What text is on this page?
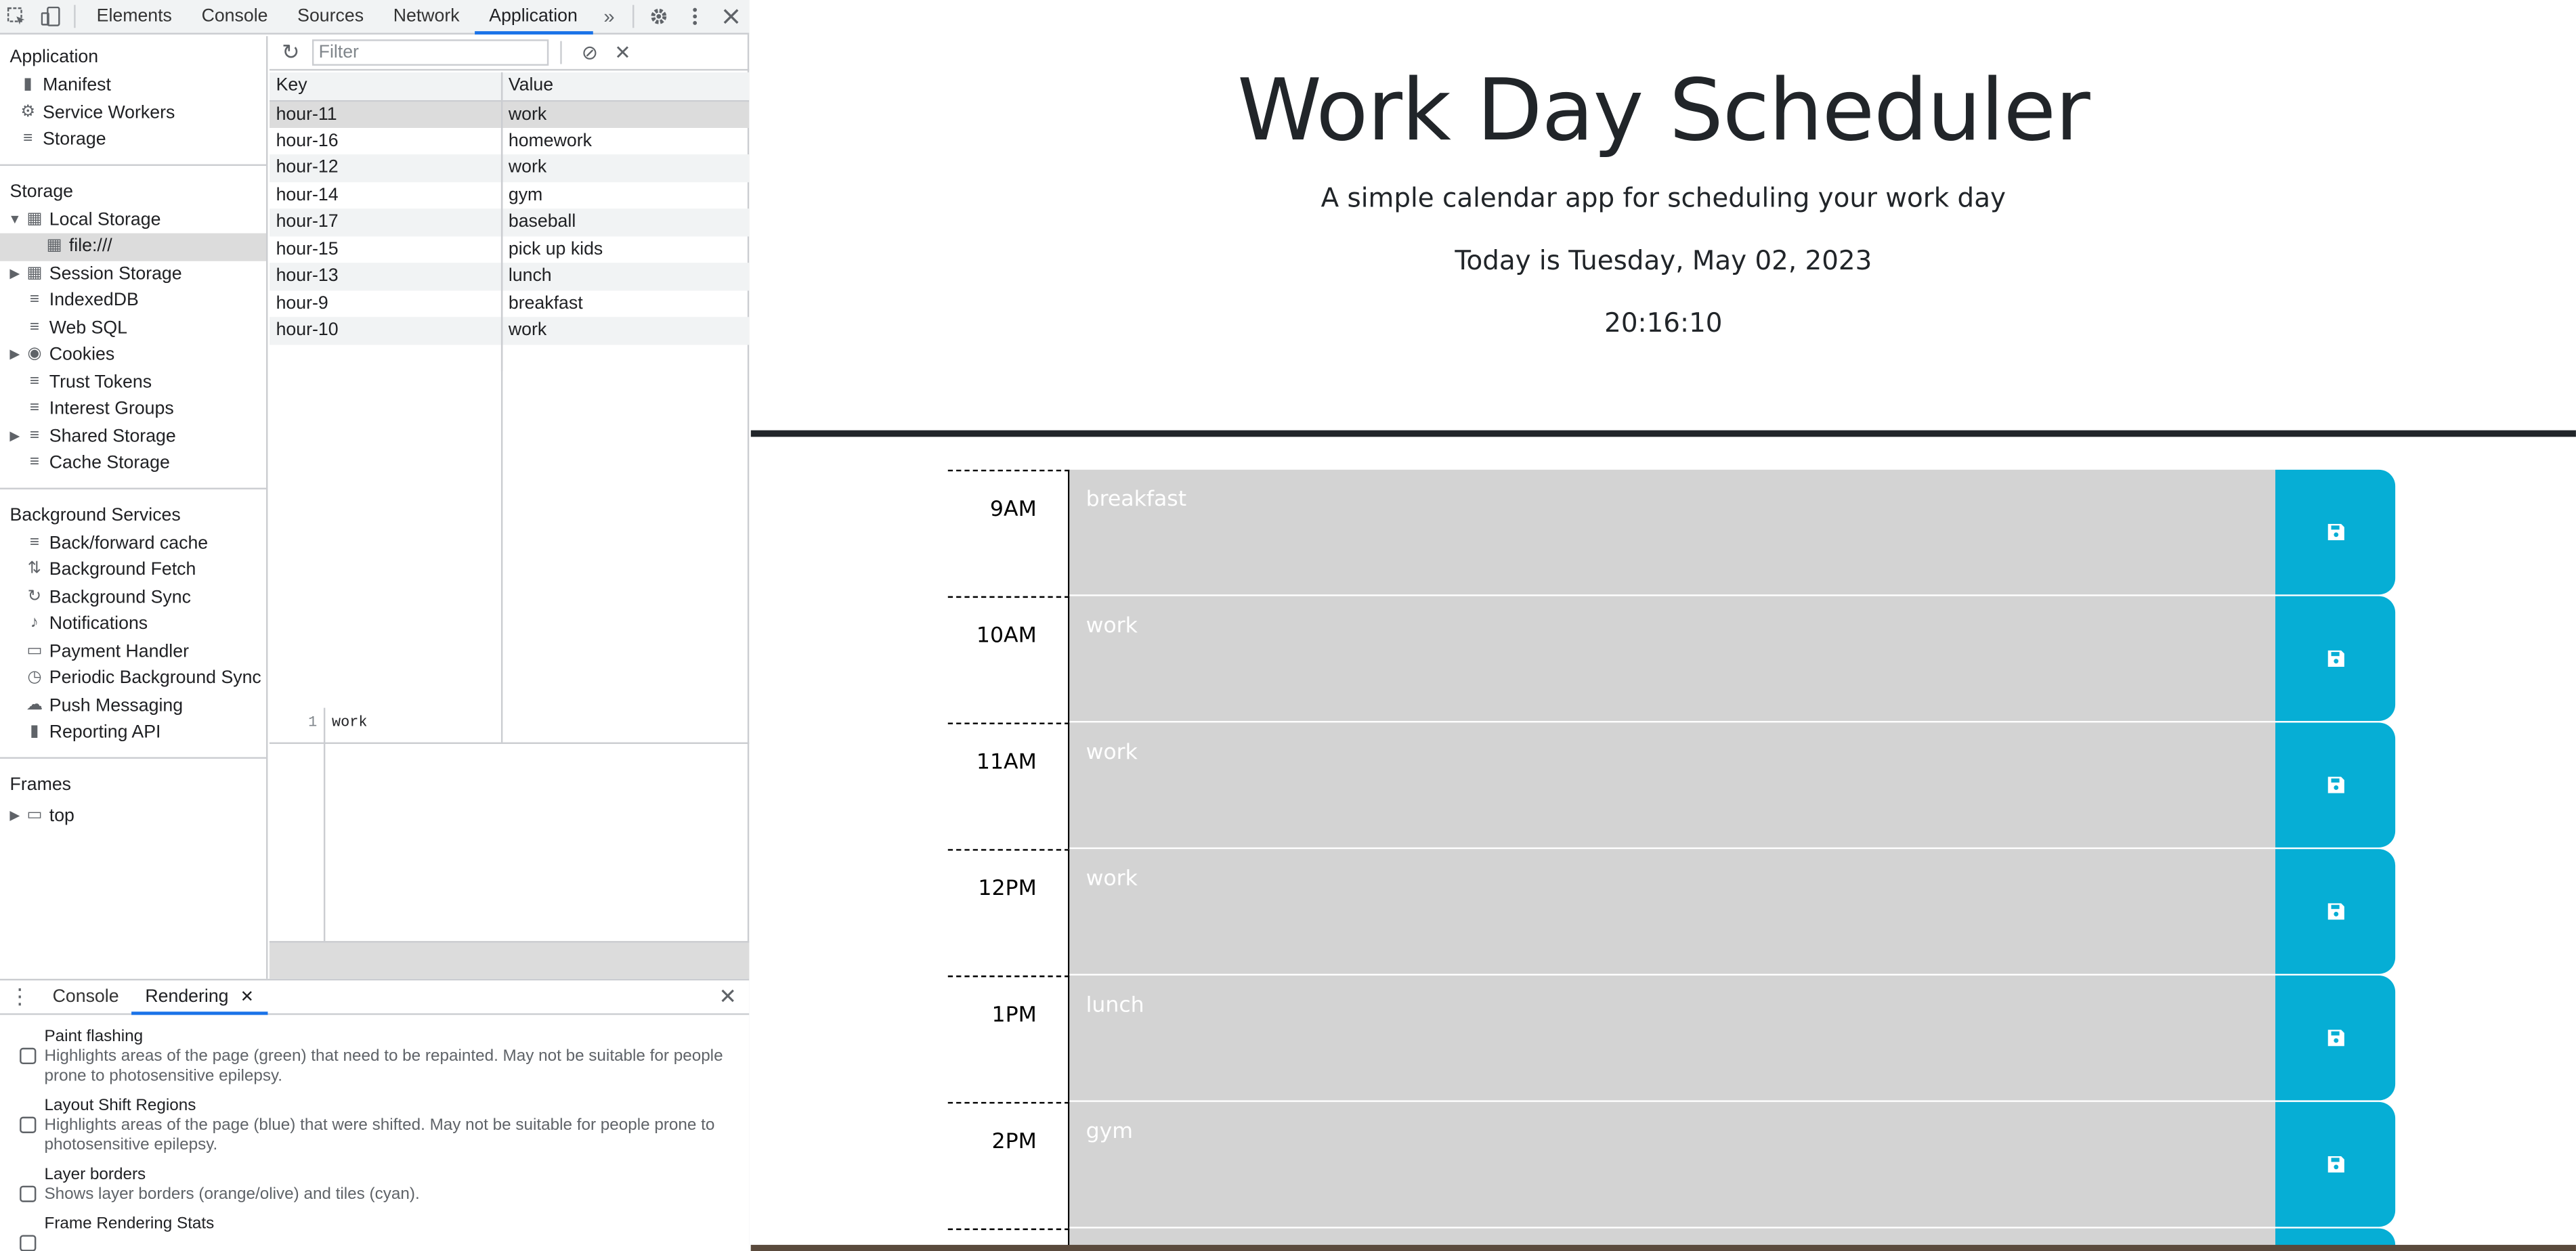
Elements	Console	Sources	Network	Application	»
Application
▮	Manifest
⚙ Service Workers
≡	Storage
Storage
▼ ▦ Local Storage
▦ file:///
▶	▦ Session Storage
≡	IndexedDB
≡	Web SQL
▶	◉	Cookies
≡	Trust Tokens
≡	Interest Groups
▶	≡	Shared Storage
≡	Cache Storage
Background Services
≡	Back/forward cache
⇅	Background Fetch
↻	Background Sync
♪	Notifications
▭ Payment Handler
◷	Periodic Background Sync
☁ Push Messaging
▮	Reporting API
Frames
▶	▭ top
↻
Filter	⊘	✕
Key	Value
hour-11	work
hour-16	homework
hour-12	work
hour-14	gym
hour-17	baseball
hour-15	pick up kids
hour-13	lunch
hour-9	breakfast
hour-10	work

1	work
⋮	Console	Rendering ✕	✕
Paint flashing
Highlights areas of the page (green) that need to be repainted. May not be suitable for people prone to photosensitive epilepsy.
Layout Shift Regions
Highlights areas of the page (blue) that were shifted. May not be suitable for people prone to photosensitive epilepsy.
Layer borders
Shows layer borders (orange/olive) and tiles (cyan).
Frame Rendering Stats
Work Day Scheduler
A simple calendar app for scheduling your work day
Today is Tuesday, May 02, 2023
20:16:10
9AM	breakfast
10AM	work
11AM	work
12PM	work
1PM	lunch
2PM	gym
